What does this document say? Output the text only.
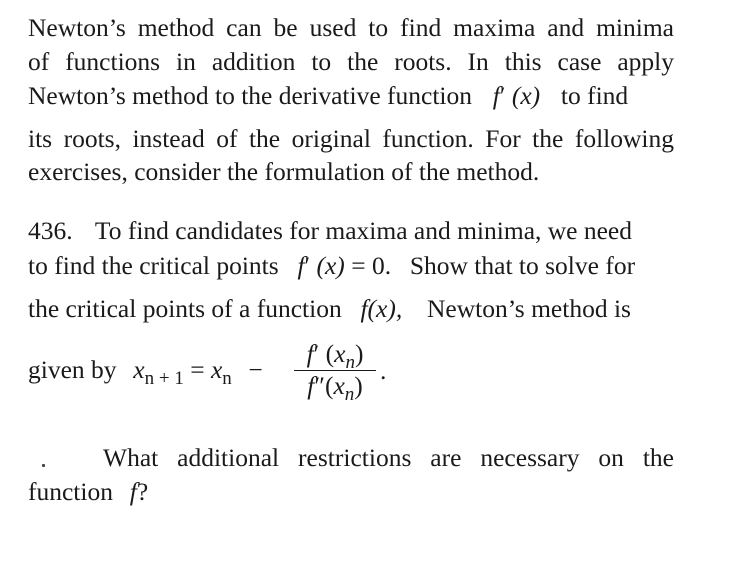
Newton’s method can be used to find maxima and minima
of functions in addition to the roots. In this case apply
Newton’s method to the derivative function f′ (x) to find
its roots, instead of the original function. For the following
exercises, consider the formulation of the method.
436. To find candidates for maxima and minima, we need
to find the critical points f′ (x) = 0. Show that to solve for
the critical points of a function f(x), Newton’s method is
given by $x_{n + 1} = x_n$ −
f′ $(x_n)$
$f''(x_n)$
.
What additional restrictions are necessary on the
function f?
